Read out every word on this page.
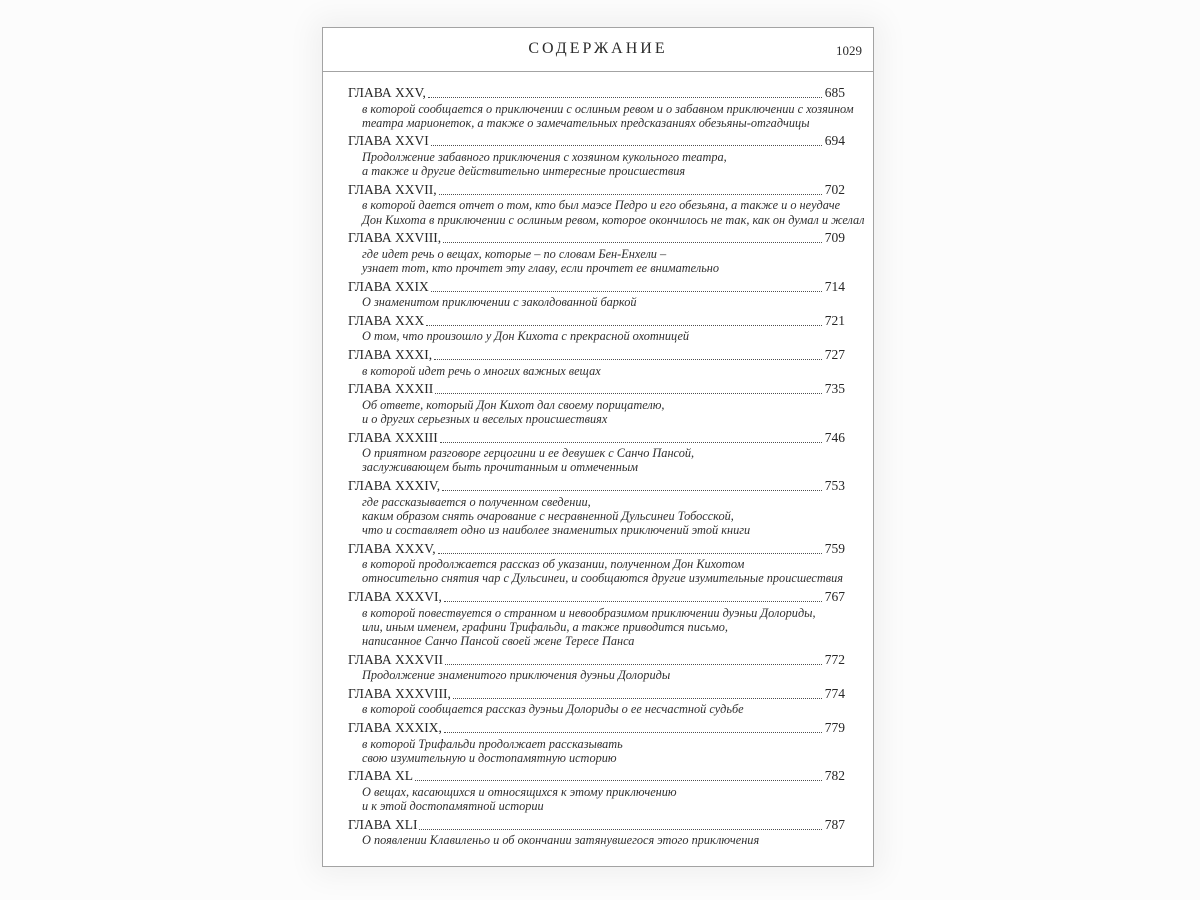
СОДЕРЖАНИЕ	1029
ГЛАВА XXV,	685
в которой сообщается о приключении с ослиным ревом и о забавном приключении с хозяином
театра марионеток, а также о замечательных предсказаниях обезьяны-отгадчицы
ГЛАВА XXVI	694
Продолжение забавного приключения с хозяином кукольного театра,
а также и другие действительно интересные происшествия
ГЛАВА XXVII,	702
в которой дается отчет о том, кто был маэсе Педро и его обезьяна, а также и о неудаче
Дон Кихота в приключении с ослиным ревом, которое окончилось не так, как он думал и желал
ГЛАВА XXVIII,	709
где идет речь о вещах, которые – по словам Бен-Енхели –
узнает тот, кто прочтет эту главу, если прочтет ее внимательно
ГЛАВА XXIX	714
О знаменитом приключении с заколдованной баркой
ГЛАВА XXX	721
О том, что произошло у Дон Кихота с прекрасной охотницей
ГЛАВА XXXI,	727
в которой идет речь о многих важных вещах
ГЛАВА XXXII	735
Об ответе, который Дон Кихот дал своему порицателю,
и о других серьезных и веселых происшествиях
ГЛАВА XXXIII	746
О приятном разговоре герцогини и ее девушек с Санчо Пансой,
заслуживающем быть прочитанным и отмеченным
ГЛАВА XXXIV,	753
где рассказывается о полученном сведении,
каким образом снять очарование с несравненной Дульсинеи Тобосской,
что и составляет одно из наиболее знаменитых приключений этой книги
ГЛАВА XXXV,	759
в которой продолжается рассказ об указании, полученном Дон Кихотом
относительно снятия чар с Дульсинеи, и сообщаются другие изумительные происшествия
ГЛАВА XXXVI,	767
в которой повествуется о странном и невообразимом приключении дуэньи Долориды,
или, иным именем, графини Трифальди, а также приводится письмо,
написанное Санчо Пансой своей жене Тересе Панса
ГЛАВА XXXVII	772
Продолжение знаменитого приключения дуэньи Долориды
ГЛАВА XXXVIII,	774
в которой сообщается рассказ дуэньи Долориды о ее несчастной судьбе
ГЛАВА XXXIX,	779
в которой Трифальди продолжает рассказывать
свою изумительную и достопамятную историю
ГЛАВА XL	782
О вещах, касающихся и относящихся к этому приключению
и к этой достопамятной истории
ГЛАВА XLI	787
О появлении Клавиленьо и об окончании затянувшегося этого приключения
